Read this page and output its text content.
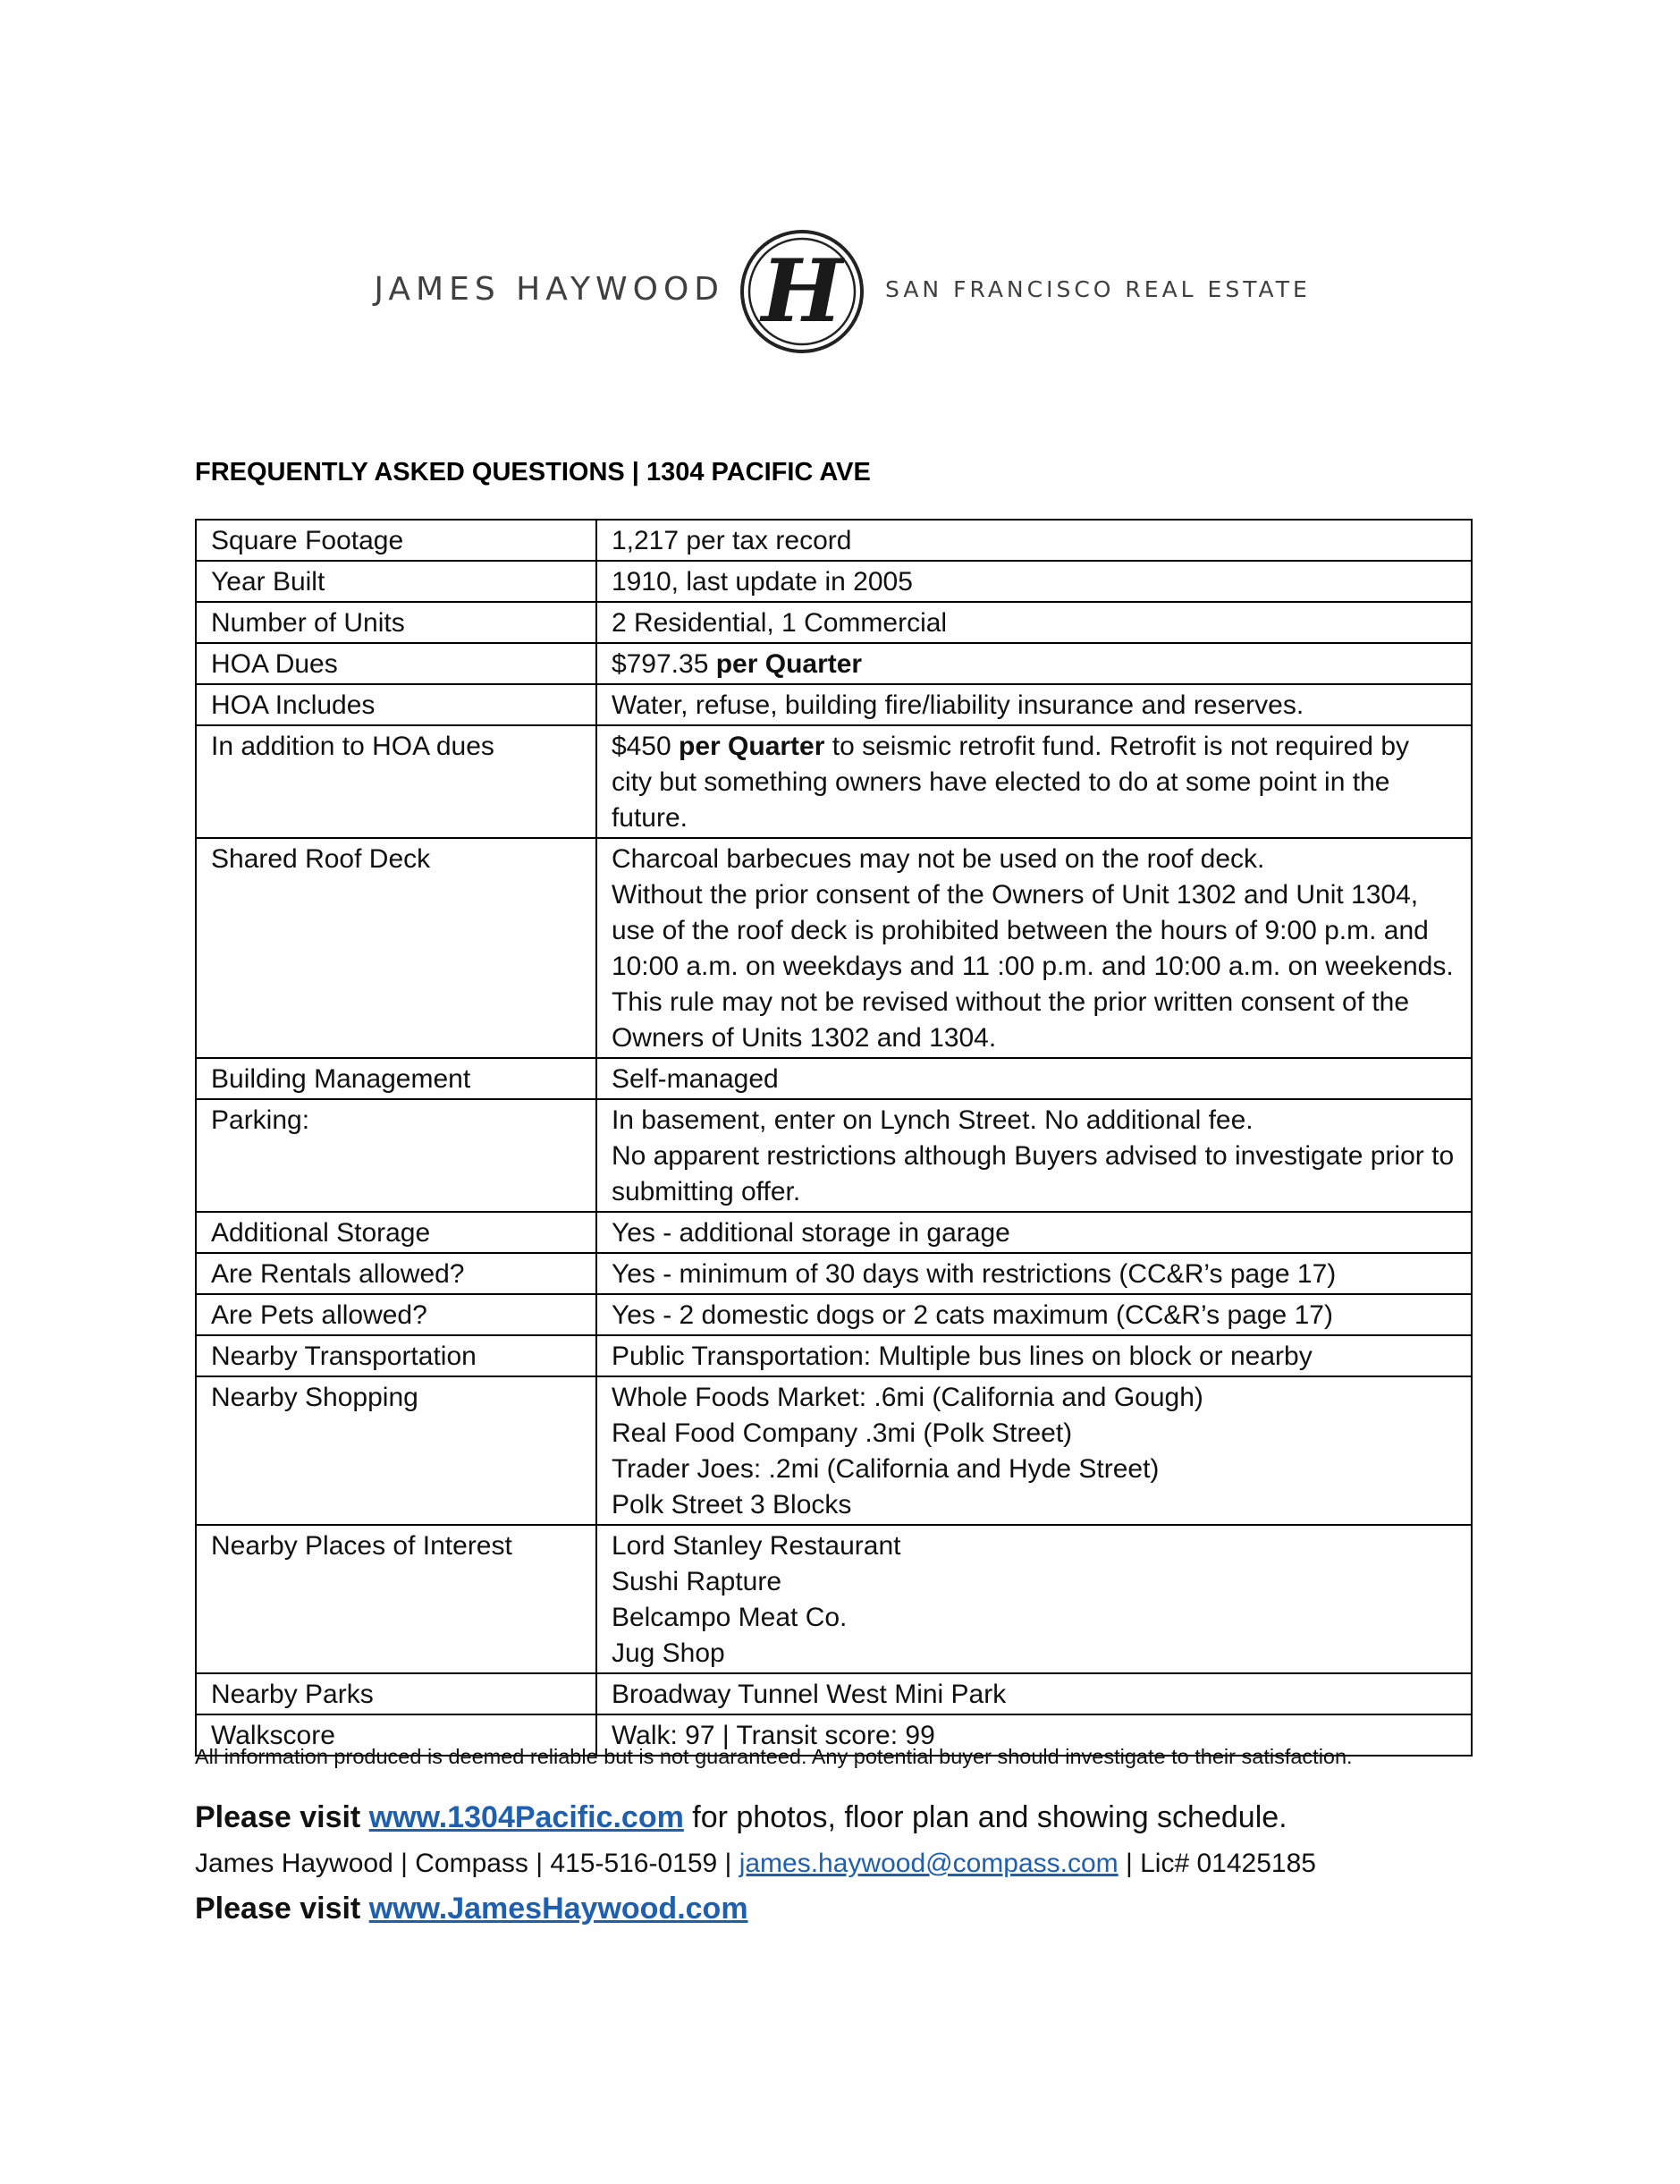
JAMES HAYWOOD H SAN FRANCISCO REAL ESTATE
FREQUENTLY ASKED QUESTIONS | 1304 PACIFIC AVE
Square Footage	1,217 per tax record

Year Built	1910, last update in 2005

Number of Units	2 Residential, 1 Commercial

HOA Dues	$797.35 per Quarter
HOA Includes	Water, refuse, building fire/liability insurance and reserves.

In addition to HOA dues	$450 per Quarter to seismic retrofit fund. Retrofit is not required by city but something owners have elected to do at some point in the future.
Shared Roof Deck	Charcoal barbecues may not be used on the roof deck.
Without the prior consent of the Owners of Unit 1302 and Unit 1304, use of the roof deck is prohibited between the hours of 9:00 p.m. and 10:00 a.m. on weekdays and 11 :00 p.m. and 10:00 a.m. on weekends. This rule may not be revised without the prior written consent of the Owners of Units 1302 and 1304.

Building Management	Self-managed

Parking:	In basement, enter on Lynch Street. No additional fee.
No apparent restrictions although Buyers advised to investigate prior to submitting offer.

Additional Storage	Yes - additional storage in garage

Are Rentals allowed?	Yes - minimum of 30 days with restrictions (CC&R’s page 17)

Are Pets allowed?	Yes - 2 domestic dogs or 2 cats maximum (CC&R’s page 17)

Nearby Transportation	Public Transportation: Multiple bus lines on block or nearby

Nearby Shopping	Whole Foods Market: .6mi (California and Gough)
Real Food Company .3mi (Polk Street)
Trader Joes: .2mi (California and Hyde Street)
Polk Street 3 Blocks

Nearby Places of Interest	Lord Stanley Restaurant
Sushi Rapture
Belcampo Meat Co.
Jug Shop

Nearby Parks	Broadway Tunnel West Mini Park

Walkscore	Walk: 97 | Transit score: 99
All information produced is deemed reliable but is not guaranteed. Any potential buyer should investigate to their satisfaction.
Please visit www.1304Pacific.com for photos, floor plan and showing schedule.
James Haywood | Compass | 415-516-0159 | james.haywood@compass.com | Lic# 01425185
Please visit www.JamesHaywood.com
